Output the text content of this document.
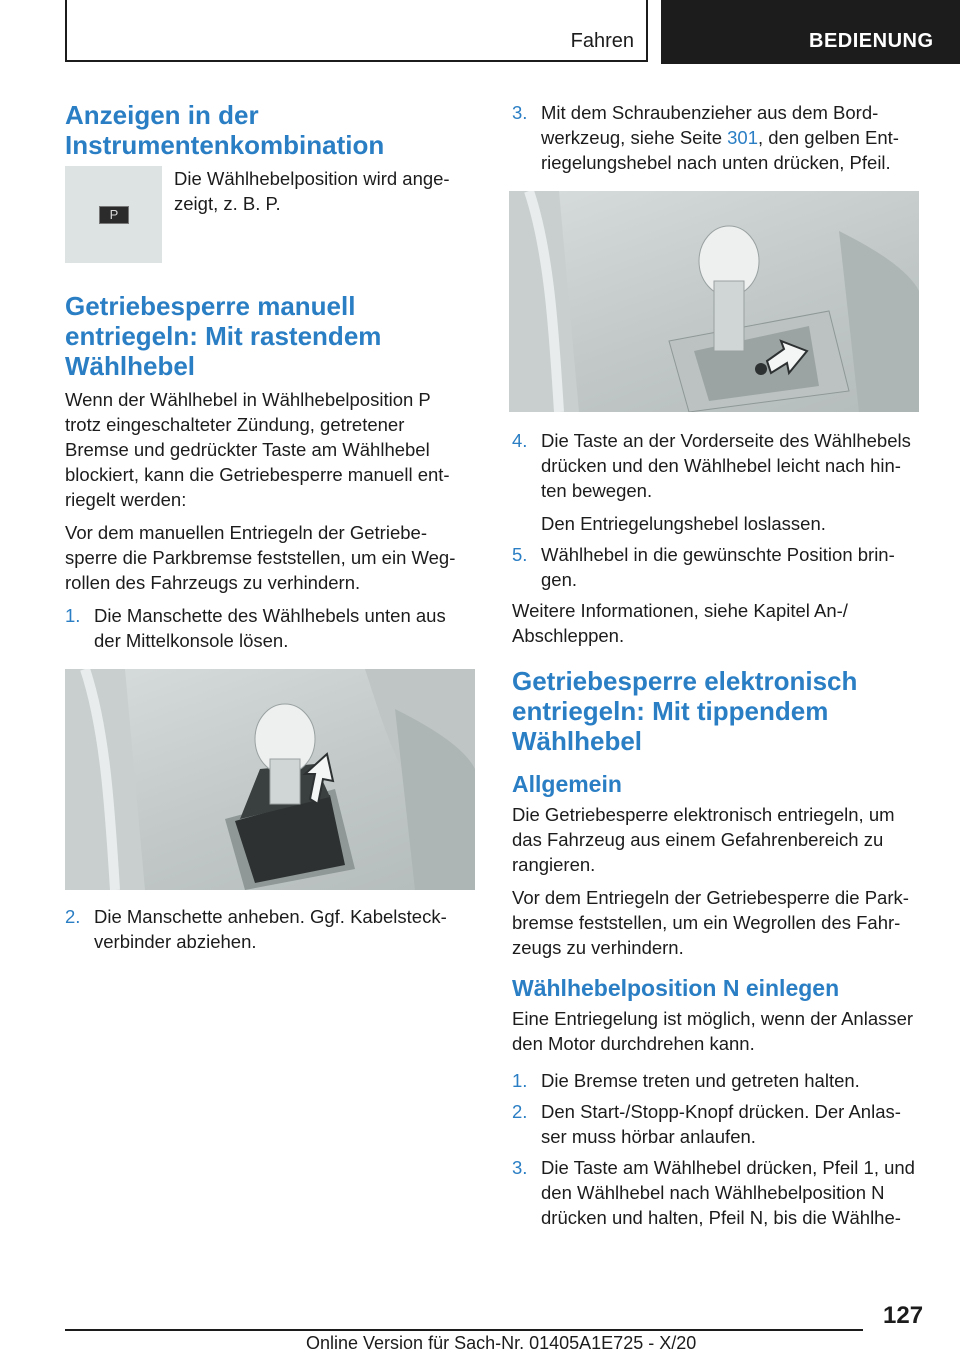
Fahren	BEDIENUNG
Anzeigen in der
Instrumentenkombination
P
Die Wählhebelposition wird ange-
zeigt, z. B. P.
Getriebesperre manuell
entriegeln: Mit rastendem
Wählhebel
Wenn der Wählhebel in Wählhebelposition P
trotz eingeschalteter Zündung, getretener
Bremse und gedrückter Taste am Wählhebel
blockiert, kann die Getriebesperre manuell ent-
riegelt werden:
Vor dem manuellen Entriegeln der Getriebe-
sperre die Parkbremse feststellen, um ein Weg-
rollen des Fahrzeugs zu verhindern.
1. Die Manschette des Wählhebels unten aus
der Mittelkonsole lösen.
2. Die Manschette anheben. Ggf. Kabelsteck-
verbinder abziehen.
3. Mit dem Schraubenzieher aus dem Bord-
werkzeug, siehe Seite 301, den gelben Ent-
riegelungshebel nach unten drücken, Pfeil.
4. Die Taste an der Vorderseite des Wählhebels
drücken und den Wählhebel leicht nach hin-
ten bewegen.
Den Entriegelungshebel loslassen.
5. Wählhebel in die gewünschte Position brin-
gen.
Weitere Informationen, siehe Kapitel An-/
Abschleppen.
Getriebesperre elektronisch
entriegeln: Mit tippendem
Wählhebel
Allgemein
Die Getriebesperre elektronisch entriegeln, um
das Fahrzeug aus einem Gefahrenbereich zu
rangieren.
Vor dem Entriegeln der Getriebesperre die Park-
bremse feststellen, um ein Wegrollen des Fahr-
zeugs zu verhindern.
Wählhebelposition N einlegen
Eine Entriegelung ist möglich, wenn der Anlasser
den Motor durchdrehen kann.
1. Die Bremse treten und getreten halten.
2. Den Start-/Stopp-Knopf drücken. Der Anlas-
ser muss hörbar anlaufen.
3. Die Taste am Wählhebel drücken, Pfeil 1, und
den Wählhebel nach Wählhebelposition N
drücken und halten, Pfeil N, bis die Wählhe-
127
Online Version für Sach-Nr. 01405A1E725 - X/20
